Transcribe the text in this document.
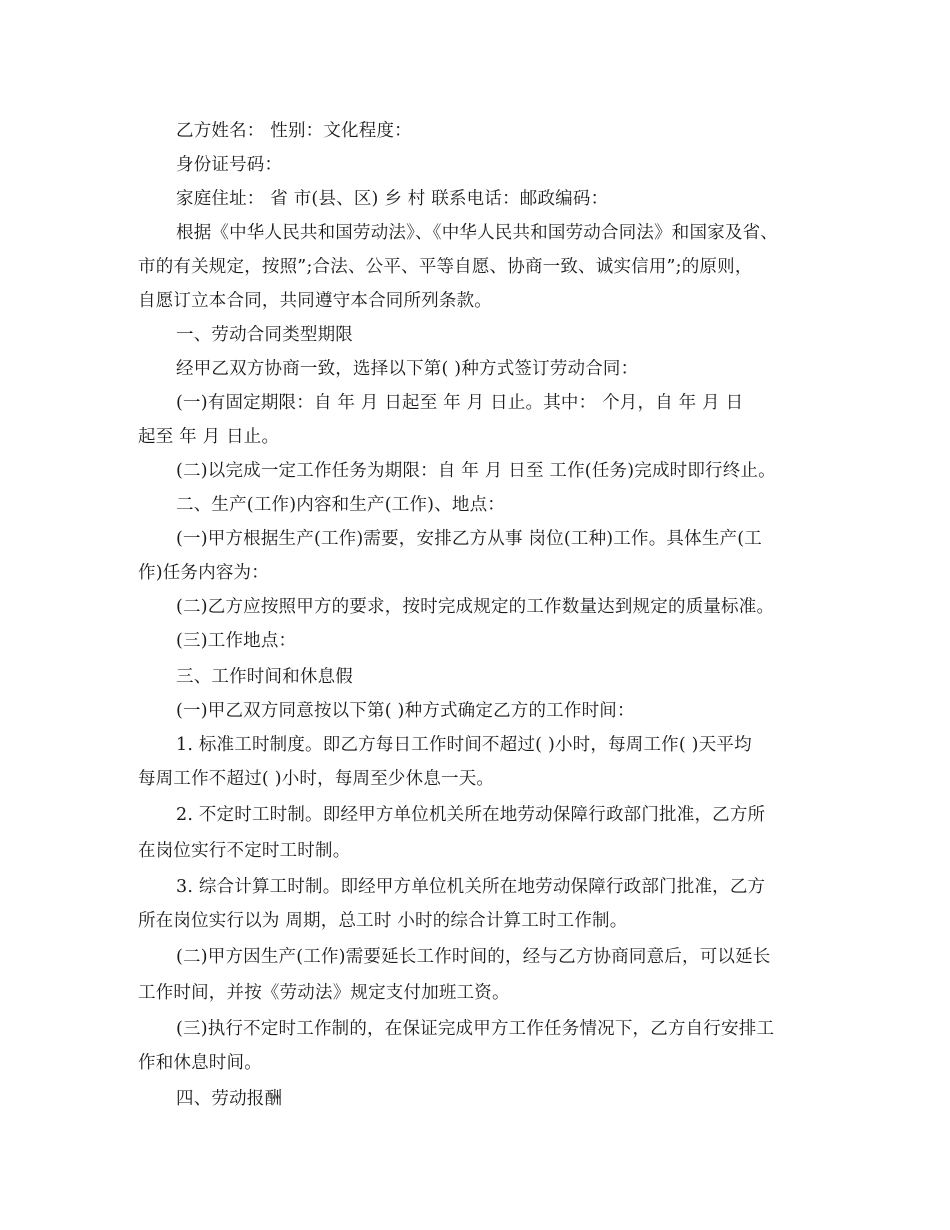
乙方姓名： 性别：文化程度：
身份证号码：
家庭住址： 省 市(县、区) 乡 村 联系电话：邮政编码：
根据《中华人民共和国劳动法》、《中华人民共和国劳动合同法》和国家及省、
市的有关规定，按照”;合法、公平、平等自愿、协商一致、诚实信用”;的原则，
自愿订立本合同，共同遵守本合同所列条款。
一、劳动合同类型期限
经甲乙双方协商一致，选择以下第( )种方式签订劳动合同：
(一)有固定期限：自 年 月 日起至 年 月 日止。其中： 个月，自 年 月 日
起至 年 月 日止。
(二)以完成一定工作任务为期限：自 年 月 日至 工作(任务)完成时即行终止。
二、生产(工作)内容和生产(工作)、地点：
(一)甲方根据生产(工作)需要，安排乙方从事 岗位(工种)工作。具体生产(工
作)任务内容为：
(二)乙方应按照甲方的要求，按时完成规定的工作数量达到规定的质量标准。
(三)工作地点：
三、工作时间和休息假
(一)甲乙双方同意按以下第( )种方式确定乙方的工作时间：
1. 标准工时制度。即乙方每日工作时间不超过( )小时，每周工作( )天平均
每周工作不超过( )小时，每周至少休息一天。
2. 不定时工时制。即经甲方单位机关所在地劳动保障行政部门批准，乙方所
在岗位实行不定时工时制。
3. 综合计算工时制。即经甲方单位机关所在地劳动保障行政部门批准，乙方
所在岗位实行以为 周期，总工时 小时的综合计算工时工作制。
(二)甲方因生产(工作)需要延长工作时间的，经与乙方协商同意后，可以延长
工作时间，并按《劳动法》规定支付加班工资。
(三)执行不定时工作制的，在保证完成甲方工作任务情况下，乙方自行安排工
作和休息时间。
四、劳动报酬
